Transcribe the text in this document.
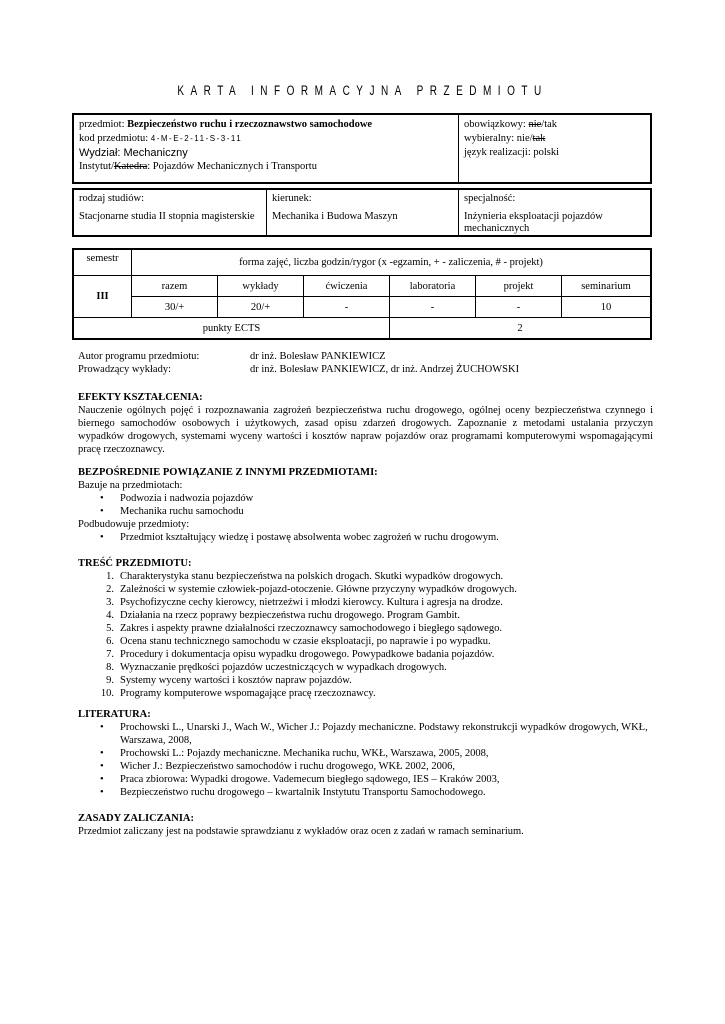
KARTA INFORMACYJNA PRZEDMIOTU
przedmiot: Bezpieczeństwo ruchu i rzeczoznawstwo samochodowe
kod przedmiotu: 4-M-E-2-11-S-3-11
Wydział: Mechaniczny
Instytut/Katedra: Pojazdów Mechanicznych i Transportu

obowiązkowy: nie/tak
wybieralny: nie/tak
język realizacji: polski
rodzaj studiów:
Stacjonarne studia II stopnia magisterskie	
kierunek:
Mechanika i Budowa Maszyn	
specjalność:
Inżynieria eksploatacji pojazdów mechanicznych
semestr	forma zajęć, liczba godzin/rygor (x -egzamin, + - zaliczenia, # - projekt)					
III	razem	wykłady	ćwiczenia	laboratoria	projekt	seminarium
	30/+	20/+	-	-	-	10
punkty ECTS				2		
Autor programu przedmiotu:	dr inż. Bolesław PANKIEWICZ
Prowadzący wykłady:	dr inż. Bolesław PANKIEWICZ, dr inż. Andrzej ŻUCHOWSKI
EFEKTY KSZTAŁCENIA:

Nauczenie ogólnych pojęć i rozpoznawania zagrożeń bezpieczeństwa ruchu drogowego, ogólnej oceny bezpieczeństwa czynnego i biernego samochodów osobowych i użytkowych, zasad opisu zdarzeń drogowych. Zapoznanie z metodami ustalania przyczyn wypadków drogowych, systemami wyceny wartości i kosztów napraw pojazdów oraz programami komputerowymi wspomagającymi pracę rzeczoznawcy.

BEZPOŚREDNIE POWIĄZANIE Z INNYMI PRZEDMIOTAMI:
Bazuje na przedmiotach:
• Podwozia i nadwozia pojazdów
• Mechanika ruchu samochodu
Podbudowuje przedmioty:
• Przedmiot kształtujący wiedzę i postawę absolwenta wobec zagrożeń w ruchu drogowym.
TREŚĆ PRZEDMIOTU:
1. Charakterystyka stanu bezpieczeństwa na polskich drogach. Skutki wypadków drogowych.
2. Zależności w systemie człowiek-pojazd-otoczenie. Główne przyczyny wypadków drogowych.
3. Psychofizyczne cechy kierowcy, nietrzeźwi i młodzi kierowcy. Kultura i agresja na drodze.
4. Działania na rzecz poprawy bezpieczeństwa ruchu drogowego. Program Gambit.
5. Zakres i aspekty prawne działalności rzeczoznawcy samochodowego i biegłego sądowego.
6. Ocena stanu technicznego samochodu w czasie eksploatacji, po naprawie i po wypadku.
7. Procedury i dokumentacja opisu wypadku drogowego. Powypadkowe badania pojazdów.
8. Wyznaczanie prędkości pojazdów uczestniczących w wypadkach drogowych.
9. Systemy wyceny wartości i kosztów napraw pojazdów.
10. Programy komputerowe wspomagające pracę rzeczoznawcy.
LITERATURA:
• Prochowski L., Unarski J., Wach W., Wicher J.: Pojazdy mechaniczne. Podstawy rekonstrukcji wypadków drogowych, WKŁ, Warszawa, 2008,
• Prochowski L.: Pojazdy mechaniczne. Mechanika ruchu, WKŁ, Warszawa, 2005, 2008,
• Wicher J.: Bezpieczeństwo samochodów i ruchu drogowego, WKŁ 2002, 2006,
• Praca zbiorowa: Wypadki drogowe. Vademecum biegłego sądowego, IES – Kraków 2003,
• Bezpieczeństwo ruchu drogowego – kwartalnik Instytutu Transportu Samochodowego.
ZASADY ZALICZANIA:

Przedmiot zaliczany jest na podstawie sprawdzianu z wykładów oraz ocen z zadań w ramach seminarium.
